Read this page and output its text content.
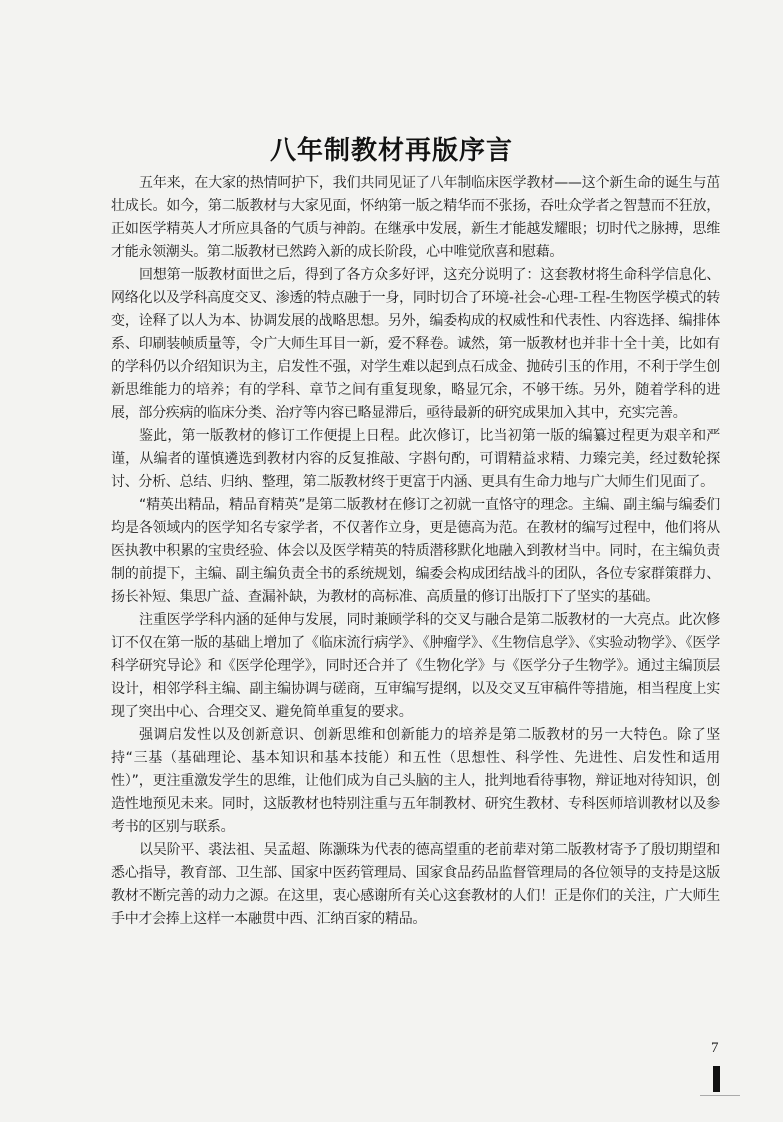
八年制教材再版序言

五年来，在大家的热情呵护下，我们共同见证了八年制临床医学教材——这个新生命的诞生与茁壮成长。如今，第二版教材与大家见面，怀纳第一版之精华而不张扬，吞吐众学者之智慧而不狂放，正如医学精英人才所应具备的气质与神韵。在继承中发展，新生才能越发耀眼；切时代之脉搏，思维才能永领潮头。第二版教材已然跨入新的成长阶段，心中唯觉欣喜和慰藉。

回想第一版教材面世之后，得到了各方众多好评，这充分说明了：这套教材将生命科学信息化、网络化以及学科高度交叉、渗透的特点融于一身，同时切合了环境-社会-心理-工程-生物医学模式的转变，诠释了以人为本、协调发展的战略思想。另外，编委构成的权威性和代表性、内容选择、编排体系、印刷装帧质量等，令广大师生耳目一新，爱不释卷。诚然，第一版教材也并非十全十美，比如有的学科仍以介绍知识为主，启发性不强，对学生难以起到点石成金、抛砖引玉的作用，不利于学生创新思维能力的培养；有的学科、章节之间有重复现象，略显冗余，不够干练。另外，随着学科的进展，部分疾病的临床分类、治疗等内容已略显滞后，亟待最新的研究成果加入其中，充实完善。

鉴此，第一版教材的修订工作便提上日程。此次修订，比当初第一版的编纂过程更为艰辛和严谨，从编者的谨慎遴选到教材内容的反复推敲、字斟句酌，可谓精益求精、力臻完美，经过数轮探讨、分析、总结、归纳、整理，第二版教材终于更富于内涵、更具有生命力地与广大师生们见面了。

“精英出精品，精品育精英”是第二版教材在修订之初就一直恪守的理念。主编、副主编与编委们均是各领域内的医学知名专家学者，不仅著作立身，更是德高为范。在教材的编写过程中，他们将从医执教中积累的宝贵经验、体会以及医学精英的特质潜移默化地融入到教材当中。同时，在主编负责制的前提下，主编、副主编负责全书的系统规划，编委会构成团结战斗的团队，各位专家群策群力、扬长补短、集思广益、查漏补缺，为教材的高标准、高质量的修订出版打下了坚实的基础。

注重医学学科内涵的延伸与发展，同时兼顾学科的交叉与融合是第二版教材的一大亮点。此次修订不仅在第一版的基础上增加了《临床流行病学》、《肿瘤学》、《生物信息学》、《实验动物学》、《医学科学研究导论》和《医学伦理学》，同时还合并了《生物化学》与《医学分子生物学》。通过主编顶层设计，相邻学科主编、副主编协调与磋商，互审编写提纲，以及交叉互审稿件等措施，相当程度上实现了突出中心、合理交叉、避免简单重复的要求。

强调启发性以及创新意识、创新思维和创新能力的培养是第二版教材的另一大特色。除了坚持“三基（基础理论、基本知识和基本技能）和五性（思想性、科学性、先进性、启发性和适用性）”，更注重激发学生的思维，让他们成为自己头脑的主人，批判地看待事物，辩证地对待知识，创造性地预见未来。同时，这版教材也特别注重与五年制教材、研究生教材、专科医师培训教材以及参考书的区别与联系。

以吴阶平、裘法祖、吴孟超、陈灏珠为代表的德高望重的老前辈对第二版教材寄予了殷切期望和悉心指导，教育部、卫生部、国家中医药管理局、国家食品药品监督管理局的各位领导的支持是这版教材不断完善的动力之源。在这里，衷心感谢所有关心这套教材的人们！正是你们的关注，广大师生手中才会捧上这样一本融贯中西、汇纳百家的精品。

7
